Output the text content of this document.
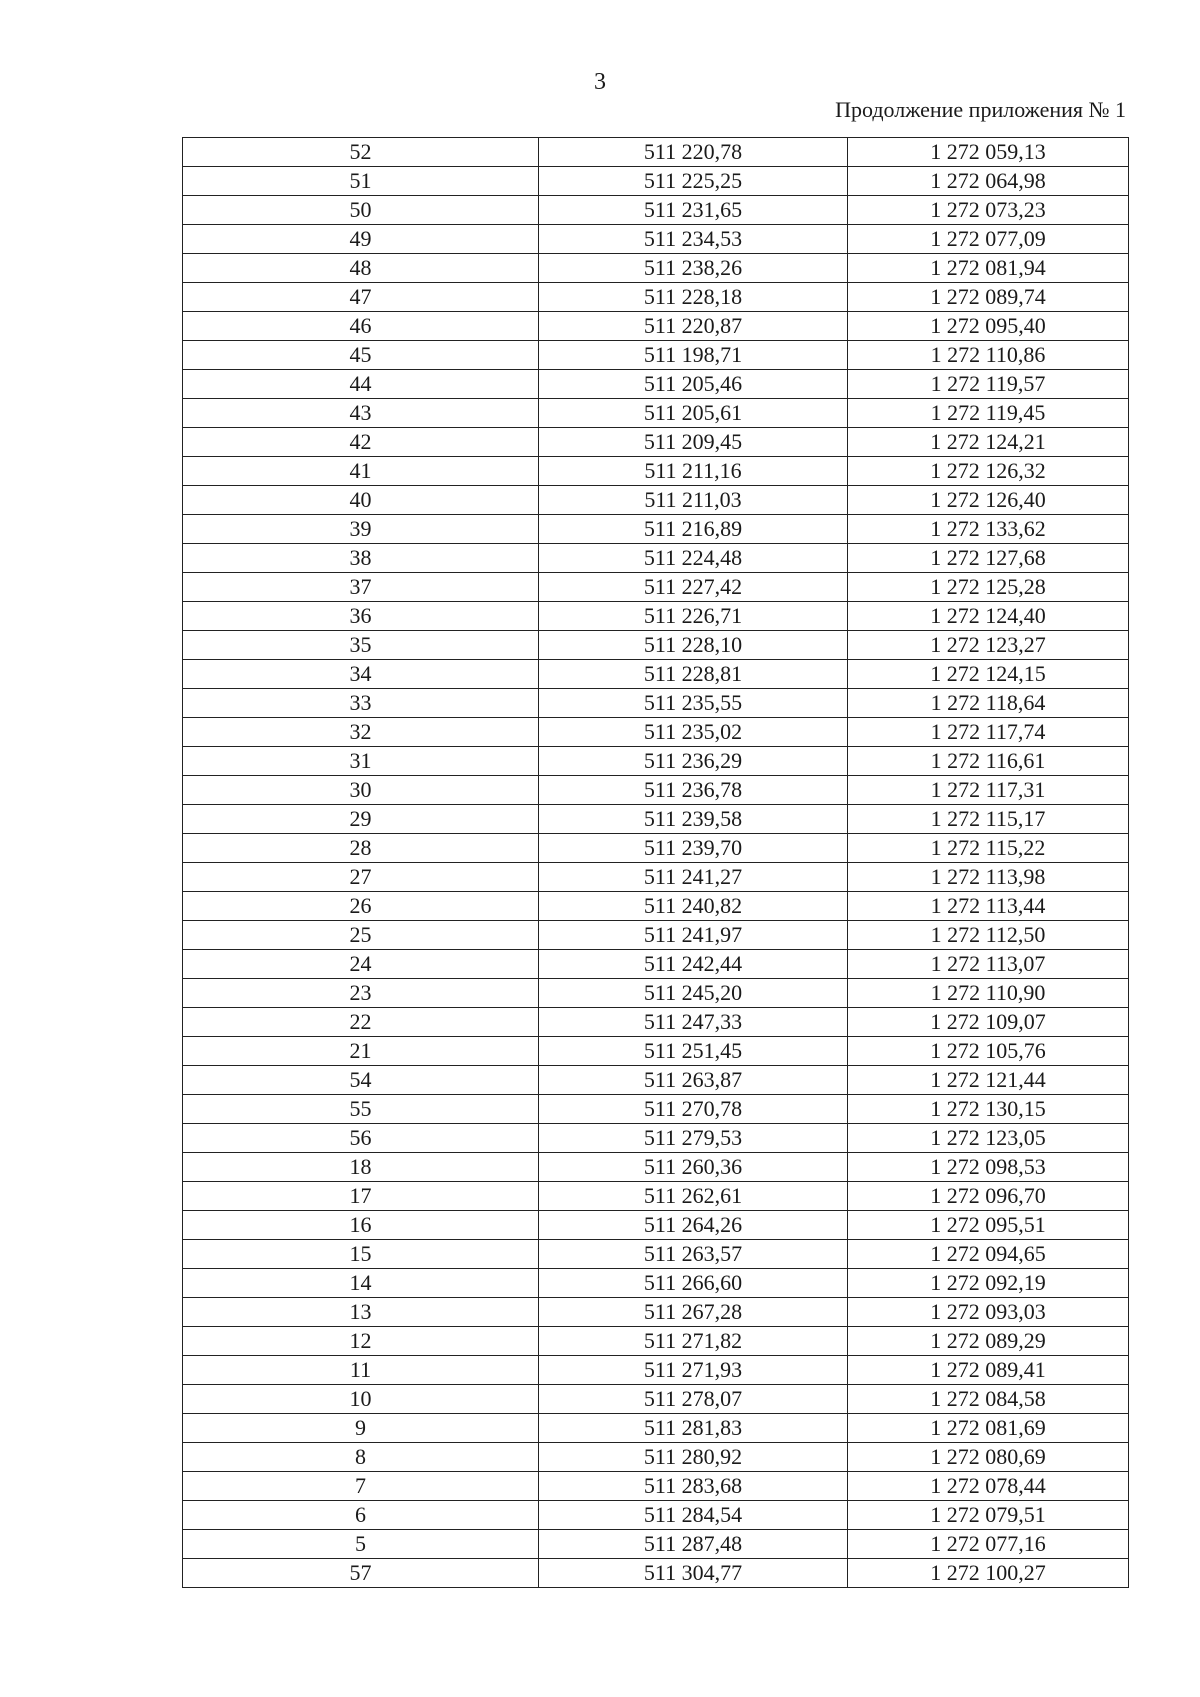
3
Продолжение приложения № 1
52	511 220,78	1 272 059,13
51	511 225,25	1 272 064,98
50	511 231,65	1 272 073,23
49	511 234,53	1 272 077,09
48	511 238,26	1 272 081,94
47	511 228,18	1 272 089,74
46	511 220,87	1 272 095,40
45	511 198,71	1 272 110,86
44	511 205,46	1 272 119,57
43	511 205,61	1 272 119,45
42	511 209,45	1 272 124,21
41	511 211,16	1 272 126,32
40	511 211,03	1 272 126,40
39	511 216,89	1 272 133,62
38	511 224,48	1 272 127,68
37	511 227,42	1 272 125,28
36	511 226,71	1 272 124,40
35	511 228,10	1 272 123,27
34	511 228,81	1 272 124,15
33	511 235,55	1 272 118,64
32	511 235,02	1 272 117,74
31	511 236,29	1 272 116,61
30	511 236,78	1 272 117,31
29	511 239,58	1 272 115,17
28	511 239,70	1 272 115,22
27	511 241,27	1 272 113,98
26	511 240,82	1 272 113,44
25	511 241,97	1 272 112,50
24	511 242,44	1 272 113,07
23	511 245,20	1 272 110,90
22	511 247,33	1 272 109,07
21	511 251,45	1 272 105,76
54	511 263,87	1 272 121,44
55	511 270,78	1 272 130,15
56	511 279,53	1 272 123,05
18	511 260,36	1 272 098,53
17	511 262,61	1 272 096,70
16	511 264,26	1 272 095,51
15	511 263,57	1 272 094,65
14	511 266,60	1 272 092,19
13	511 267,28	1 272 093,03
12	511 271,82	1 272 089,29
11	511 271,93	1 272 089,41
10	511 278,07	1 272 084,58
9	511 281,83	1 272 081,69
8	511 280,92	1 272 080,69
7	511 283,68	1 272 078,44
6	511 284,54	1 272 079,51
5	511 287,48	1 272 077,16
57	511 304,77	1 272 100,27
